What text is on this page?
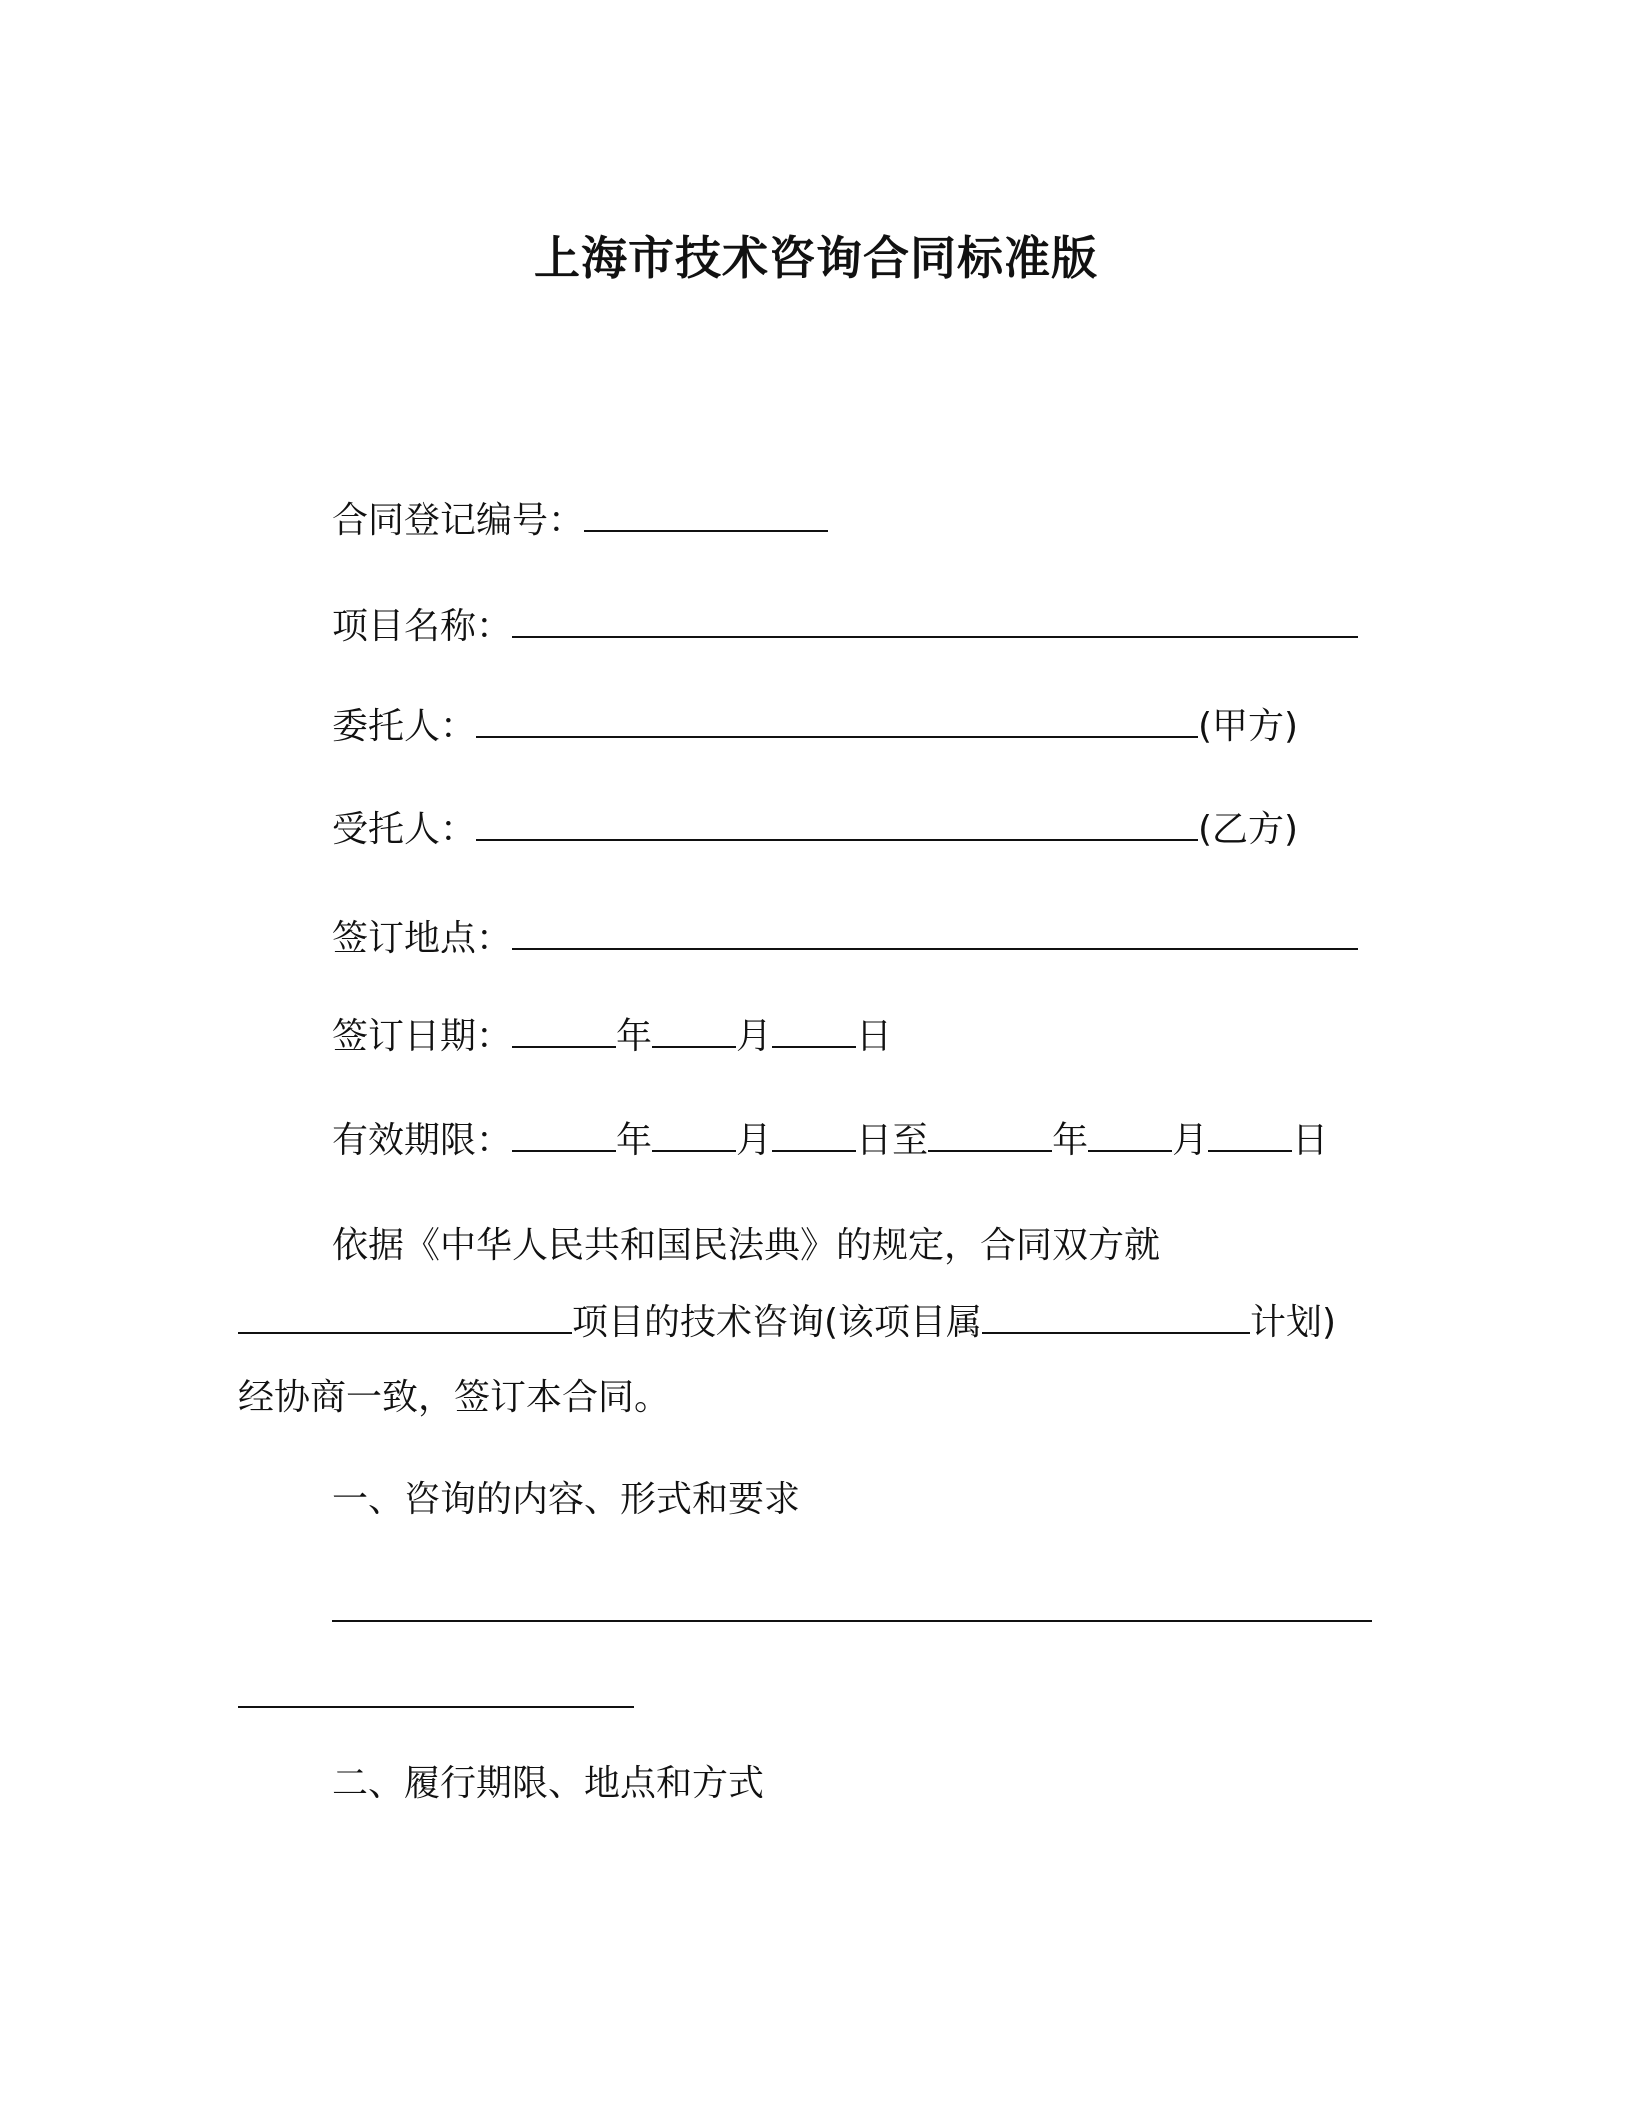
上海市技术咨询合同标准版
合同登记编号：
项目名称：
委托人：	(甲方)
受托人：	(乙方)
签订地点：
签订日期：	年 月 日
有效期限：	年 月 日至	年 月 日
依据《中华人民共和国民法典》的规定，合同双方就
项目的技术咨询(该项目属	计划)
经协商一致，签订本合同。
一、咨询的内容、形式和要求
二、履行期限、地点和方式
